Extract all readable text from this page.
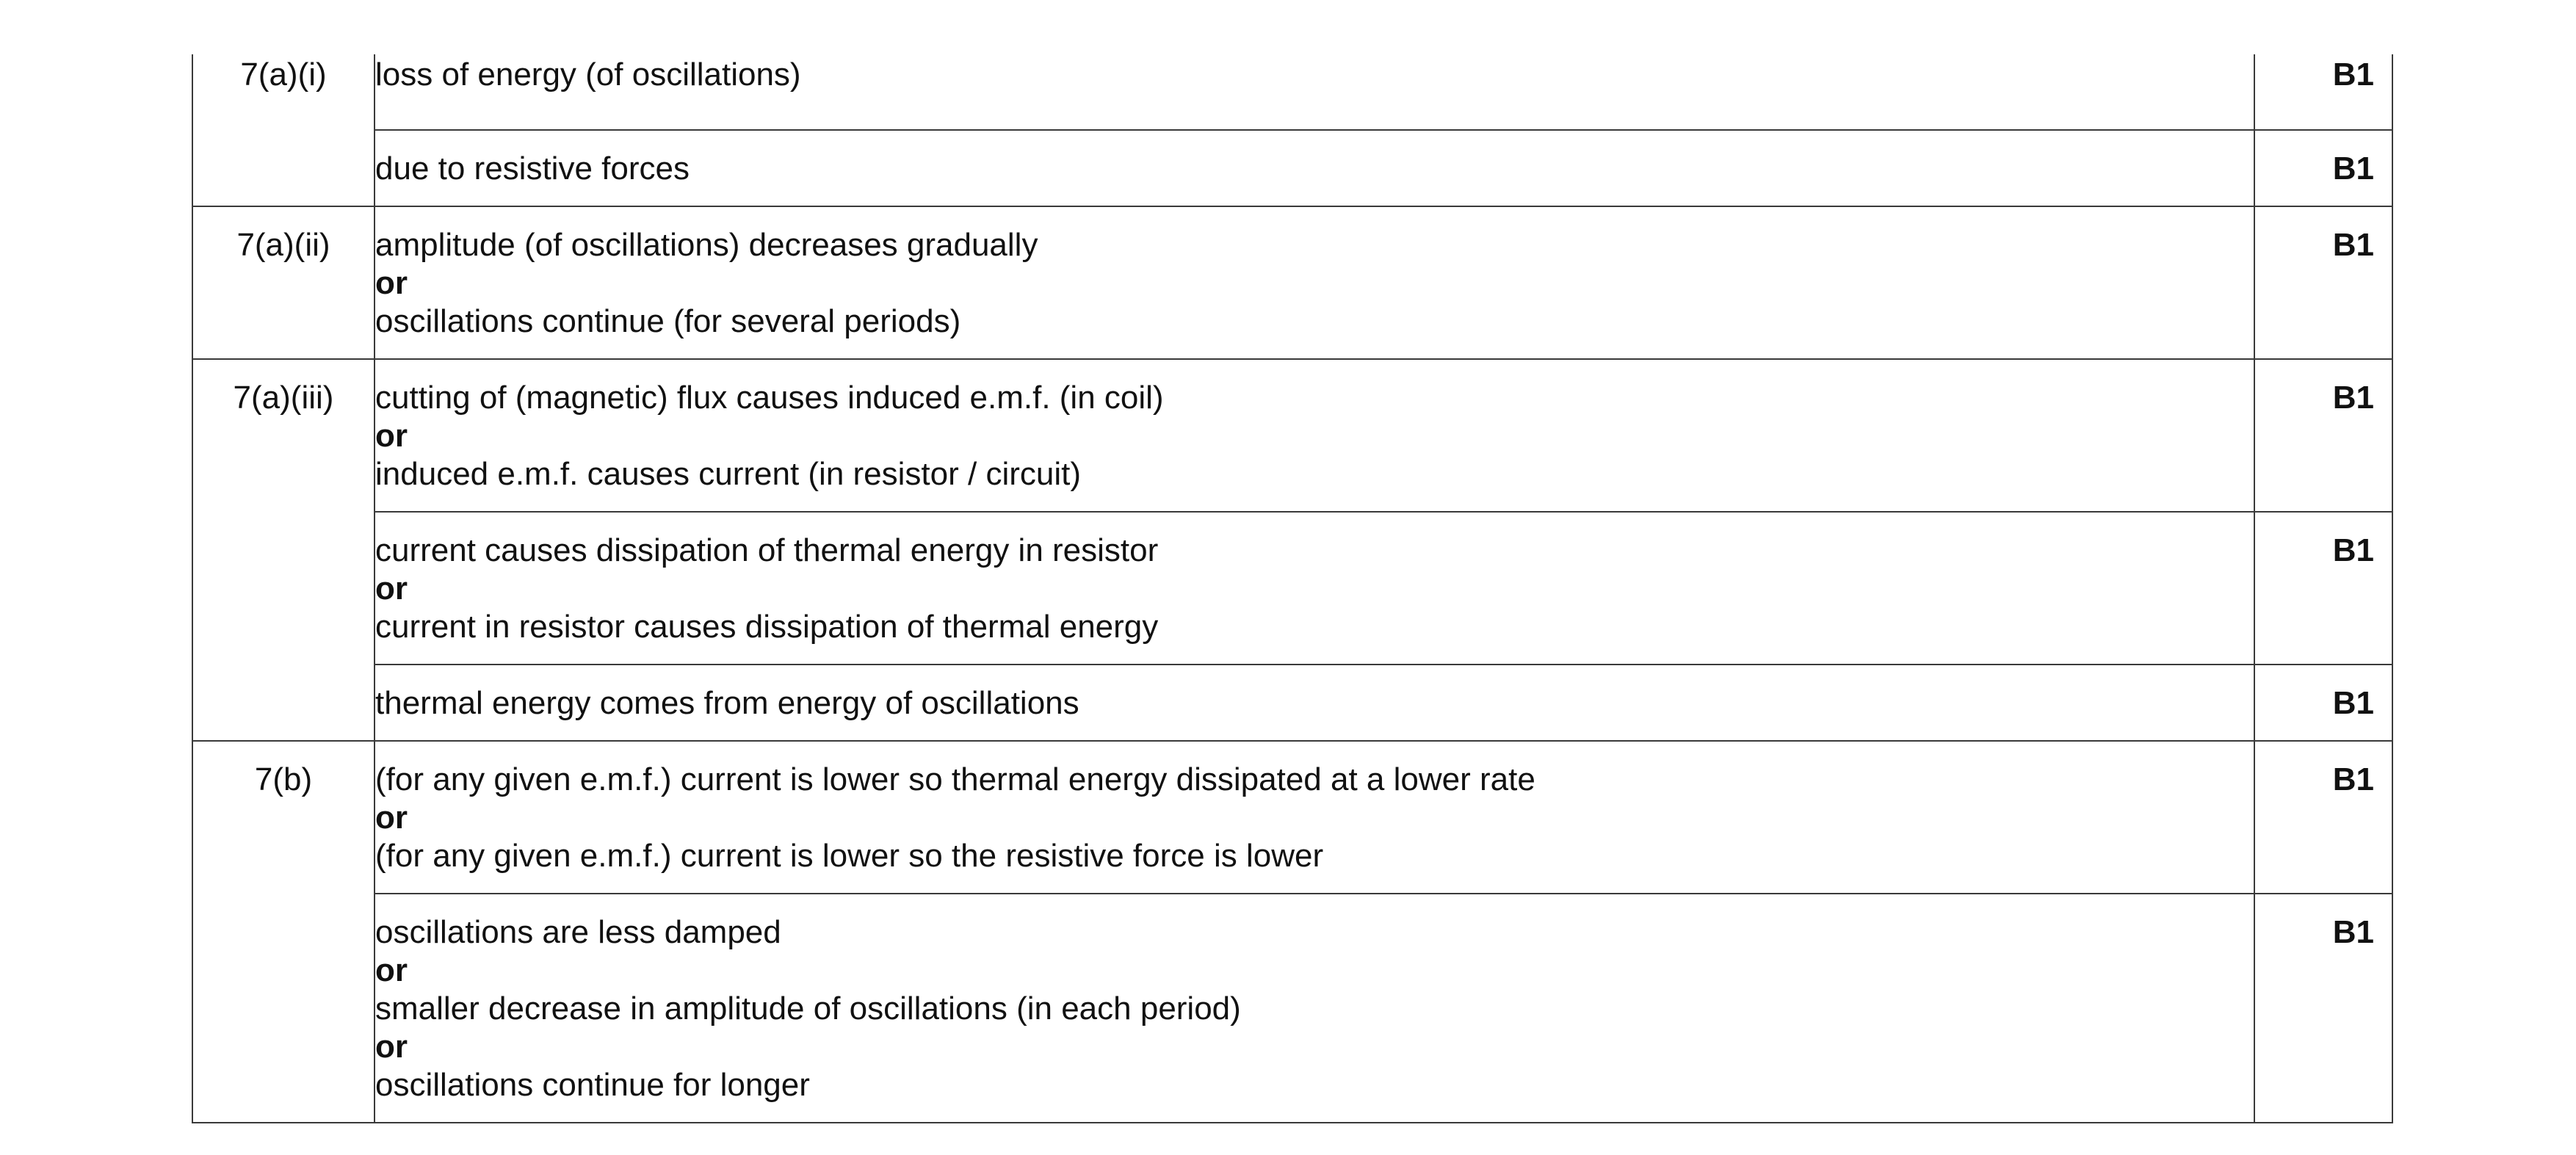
7(a)(i)	loss of energy (of oscillations)	B1

	due to resistive forces	B1

7(a)(ii)	amplitude (of oscillations) decreases gradually
or
oscillations continue (for several periods)	B1

7(a)(iii)	cutting of (magnetic) flux causes induced e.m.f. (in coil)
or
induced e.m.f. causes current (in resistor / circuit)	B1

	current causes dissipation of thermal energy in resistor
or
current in resistor causes dissipation of thermal energy	B1

	thermal energy comes from energy of oscillations	B1

7(b)	(for any given e.m.f.) current is lower so thermal energy dissipated at a lower rate
or
(for any given e.m.f.) current is lower so the resistive force is lower	B1

	oscillations are less damped
or
smaller decrease in amplitude of oscillations (in each period)
or
oscillations continue for longer	B1
